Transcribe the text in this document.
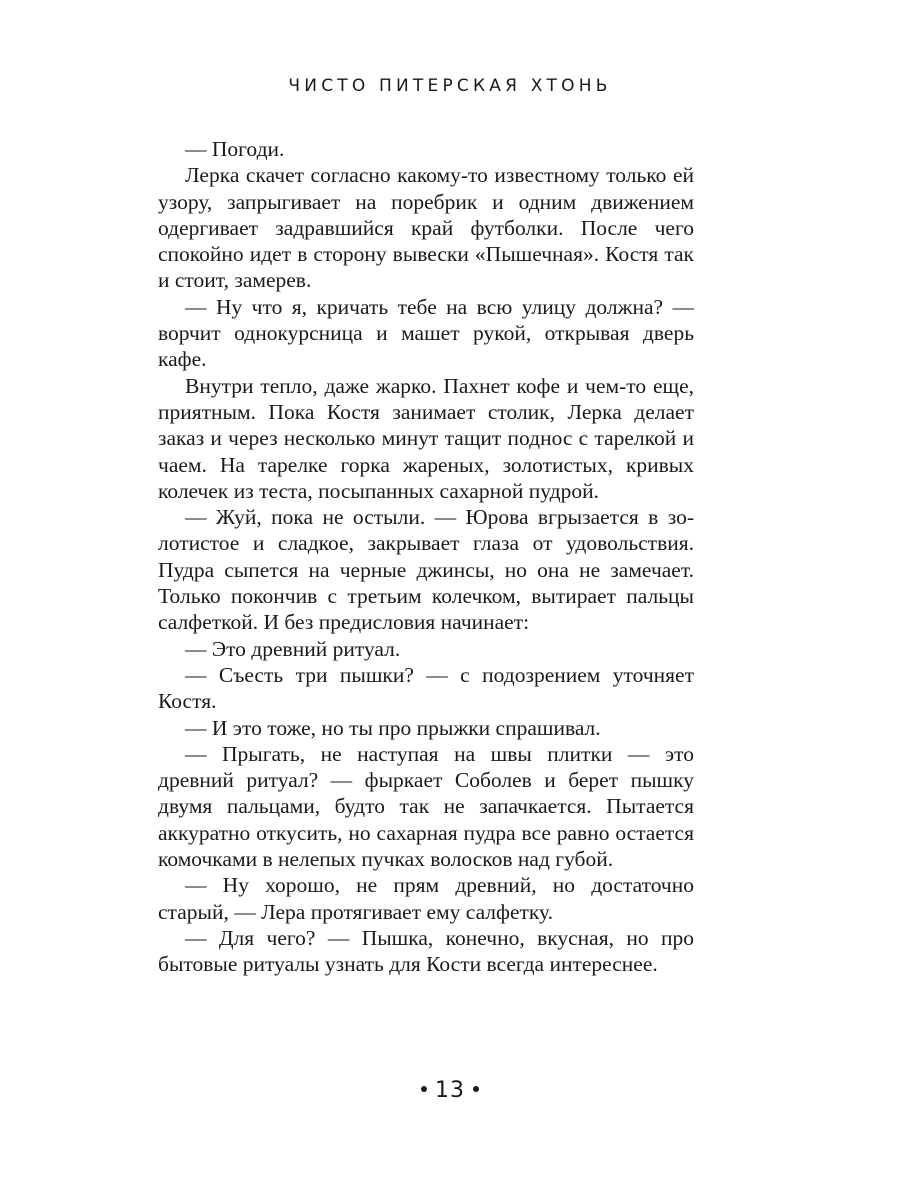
ЧИСТО ПИТЕРСКАЯ ХТОНЬ

— Погоди.

Лерка скачет согласно какому-то известному только ей узору, запрыгивает на поребрик и одним движением одергивает задравшийся край футболки. После чего спокойно идет в сторону вывески «Пышечная». Костя так и стоит, замерев.

— Ну что я, кричать тебе на всю улицу должна? — ворчит однокурсница и машет рукой, открывая дверь кафе.

Внутри тепло, даже жарко. Пахнет кофе и чем-то еще, приятным. Пока Костя занимает столик, Лерка делает заказ и через несколько минут тащит поднос с тарелкой и чаем. На тарелке горка жареных, золотистых, кривых колечек из теста, посыпанных сахарной пудрой.

— Жуй, пока не остыли. — Юрова вгрызается в золотистое и сладкое, закрывает глаза от удовольствия. Пудра сыпется на черные джинсы, но она не замечает. Только покончив с третьим колечком, вытирает пальцы салфеткой. И без предисловия начинает:

— Это древний ритуал.

— Съесть три пышки? — с подозрением уточняет Костя.

— И это тоже, но ты про прыжки спрашивал.

— Прыгать, не наступая на швы плитки — это древний ритуал? — фыркает Соболев и берет пышку двумя пальцами, будто так не запачкается. Пытается аккуратно откусить, но сахарная пудра все равно остается комочками в нелепых пучках волосков над губой.

— Ну хорошо, не прям древний, но достаточно старый, — Лера протягивает ему салфетку.

— Для чего? — Пышка, конечно, вкусная, но про бытовые ритуалы узнать для Кости всегда интереснее.

13
